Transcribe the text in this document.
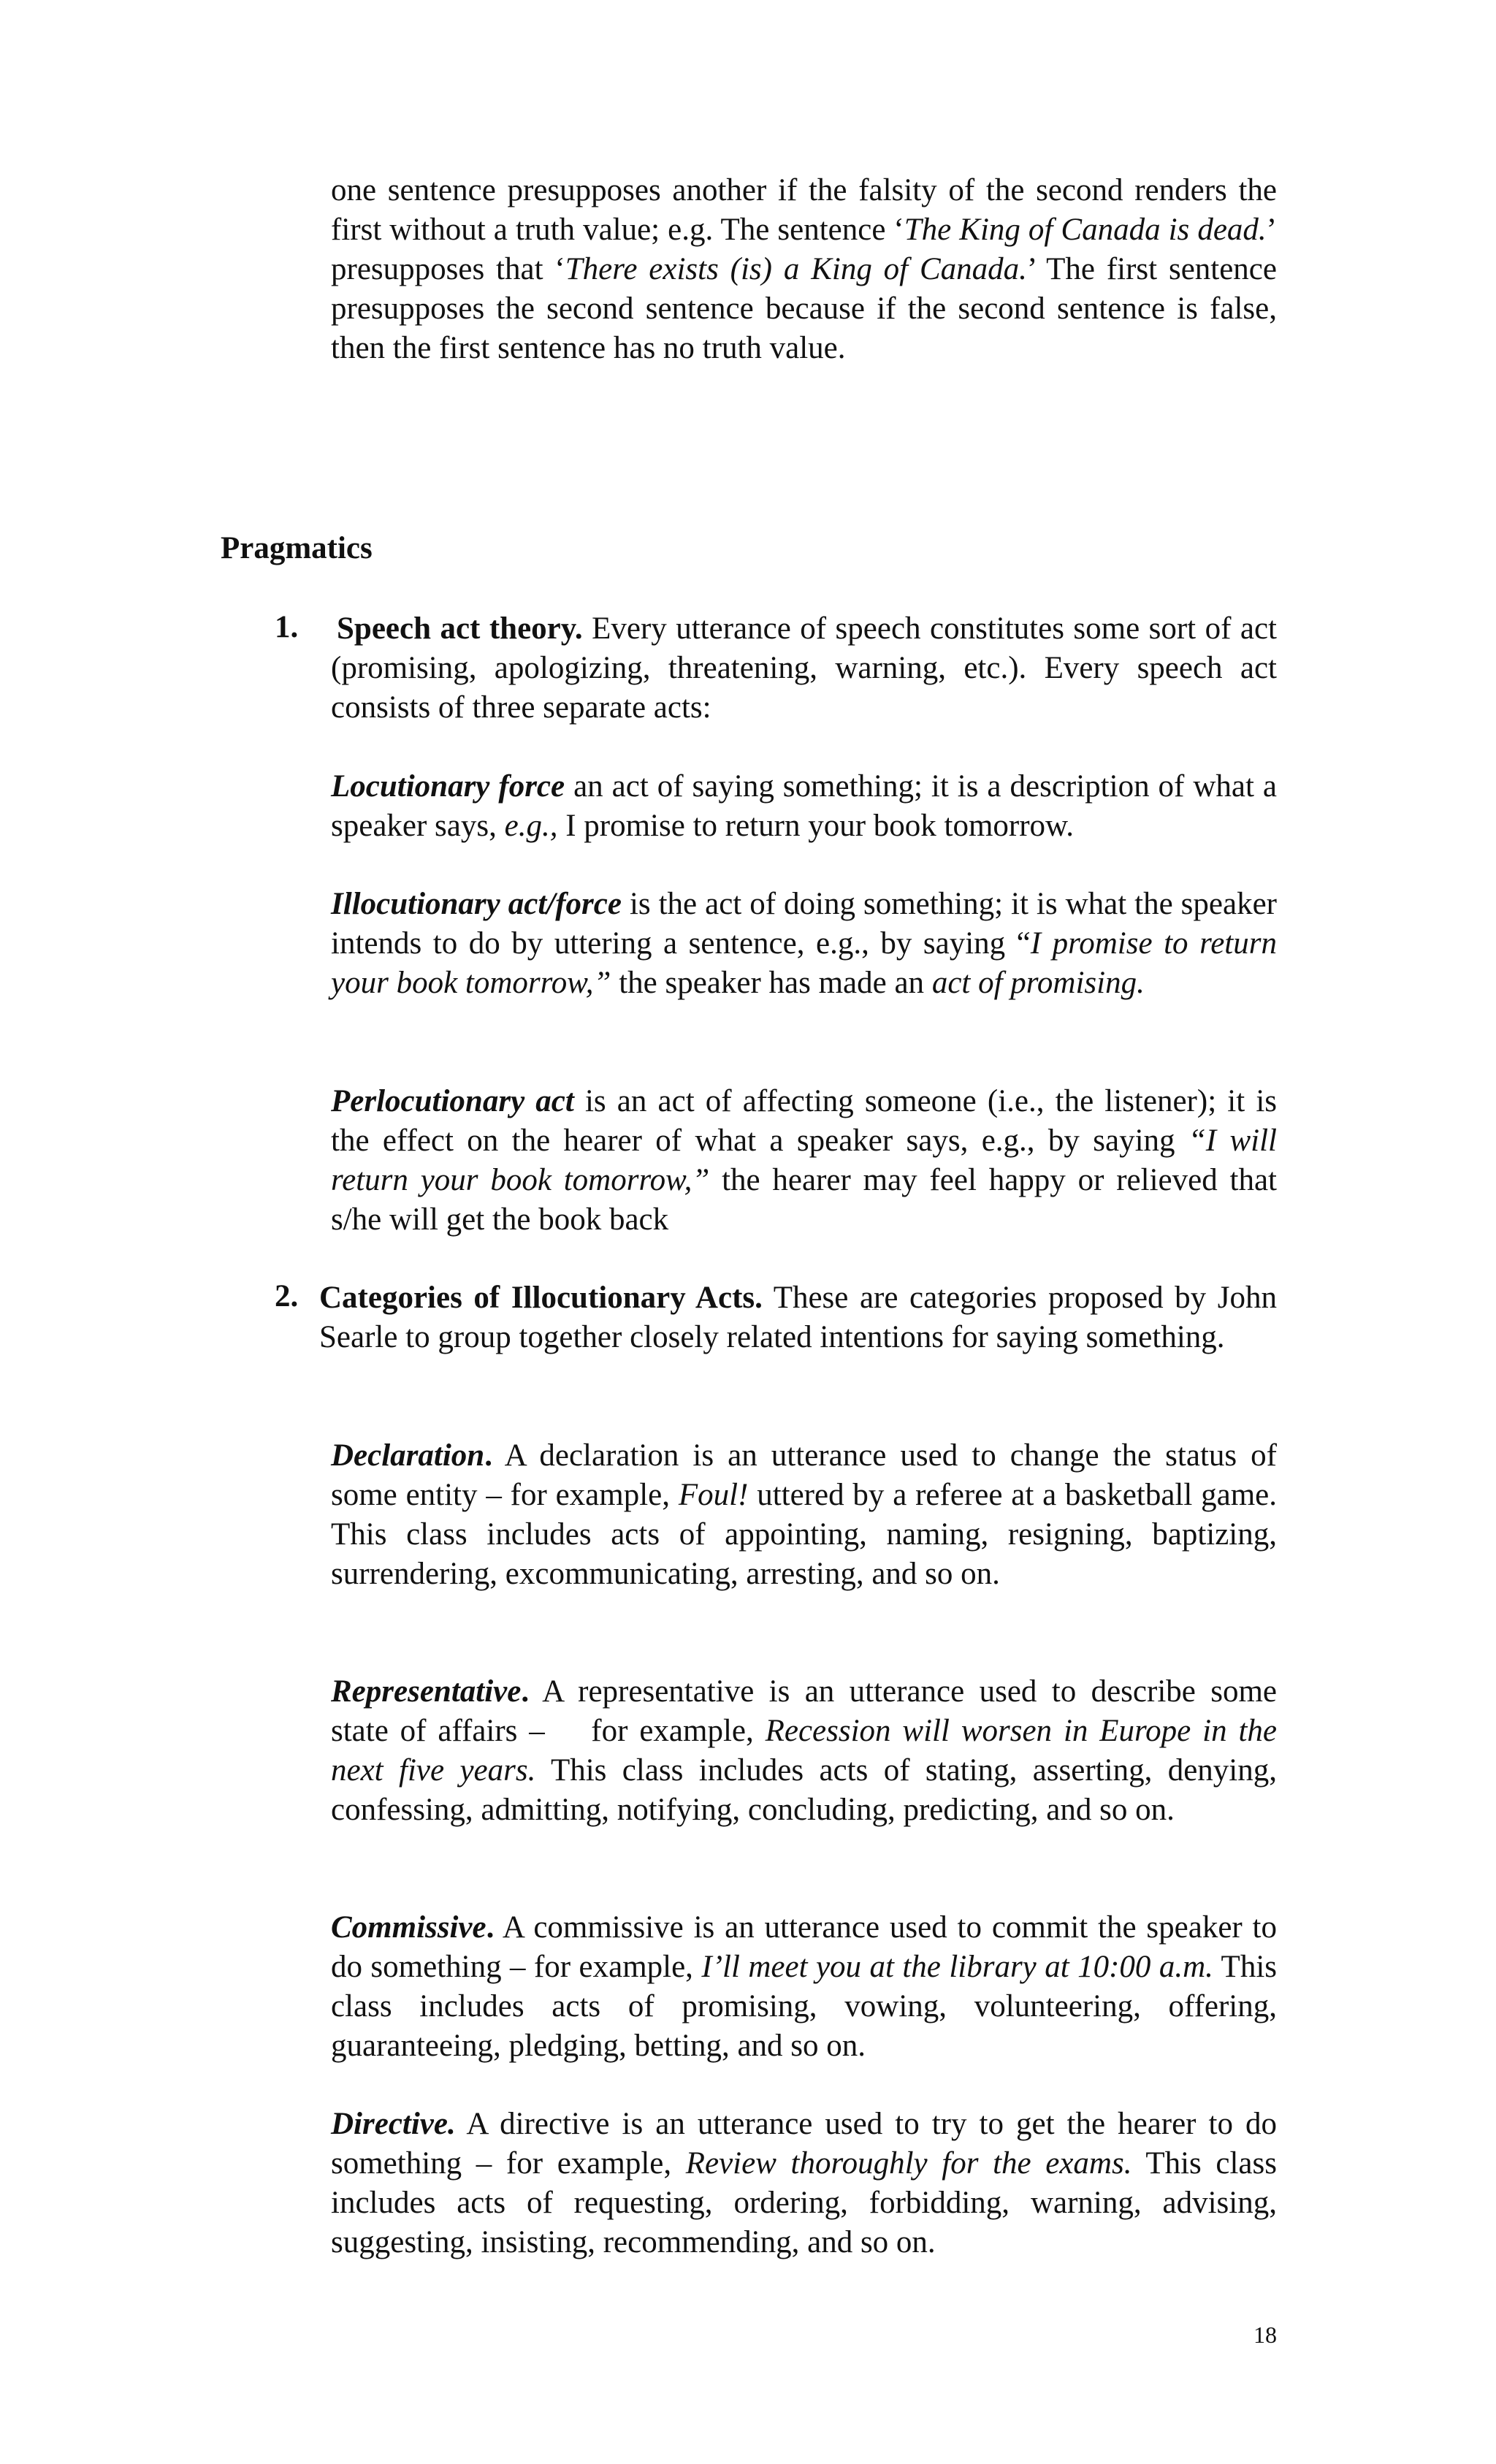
one sentence presupposes another if the falsity of the second renders the first without a truth value; e.g. The sentence ‘The King of Canada is dead.’ presupposes that ‘There exists (is) a King of Canada.’ The first sentence presupposes the second sentence because if the second sentence is false, then the first sentence has no truth value.

Pragmatics
1. Speech act theory. Every utterance of speech constitutes some sort of act (promising, apologizing, threatening, warning, etc.). Every speech act consists of three separate acts:

Locutionary force an act of saying something; it is a description of what a speaker says, e.g., I promise to return your book tomorrow.

Illocutionary act/force is the act of doing something; it is what the speaker intends to do by uttering a sentence, e.g., by saying “I promise to return your book tomorrow,” the speaker has made an act of promising.

Perlocutionary act is an act of affecting someone (i.e., the listener); it is the effect on the hearer of what a speaker says, e.g., by saying “I will return your book tomorrow,” the hearer may feel happy or relieved that s/he will get the book back

2. Categories of Illocutionary Acts. These are categories proposed by John Searle to group together closely related intentions for saying something.

Declaration. A declaration is an utterance used to change the status of some entity – for example, Foul! uttered by a referee at a basketball game. This class includes acts of appointing, naming, resigning, baptizing, surrendering, excommunicating, arresting, and so on.

Representative. A representative is an utterance used to describe some state of affairs –    for example, Recession will worsen in Europe in the next five years. This class includes acts of stating, asserting, denying, confessing, admitting, notifying, concluding, predicting, and so on.

Commissive. A commissive is an utterance used to commit the speaker to do something – for example, I’ll meet you at the library at 10:00 a.m. This class includes acts of promising, vowing, volunteering, offering, guaranteeing, pledging, betting, and so on.

Directive. A directive is an utterance used to try to get the hearer to do something – for example, Review thoroughly for the exams. This class includes acts of requesting, ordering, forbidding, warning, advising, suggesting, insisting, recommending, and so on.

18
